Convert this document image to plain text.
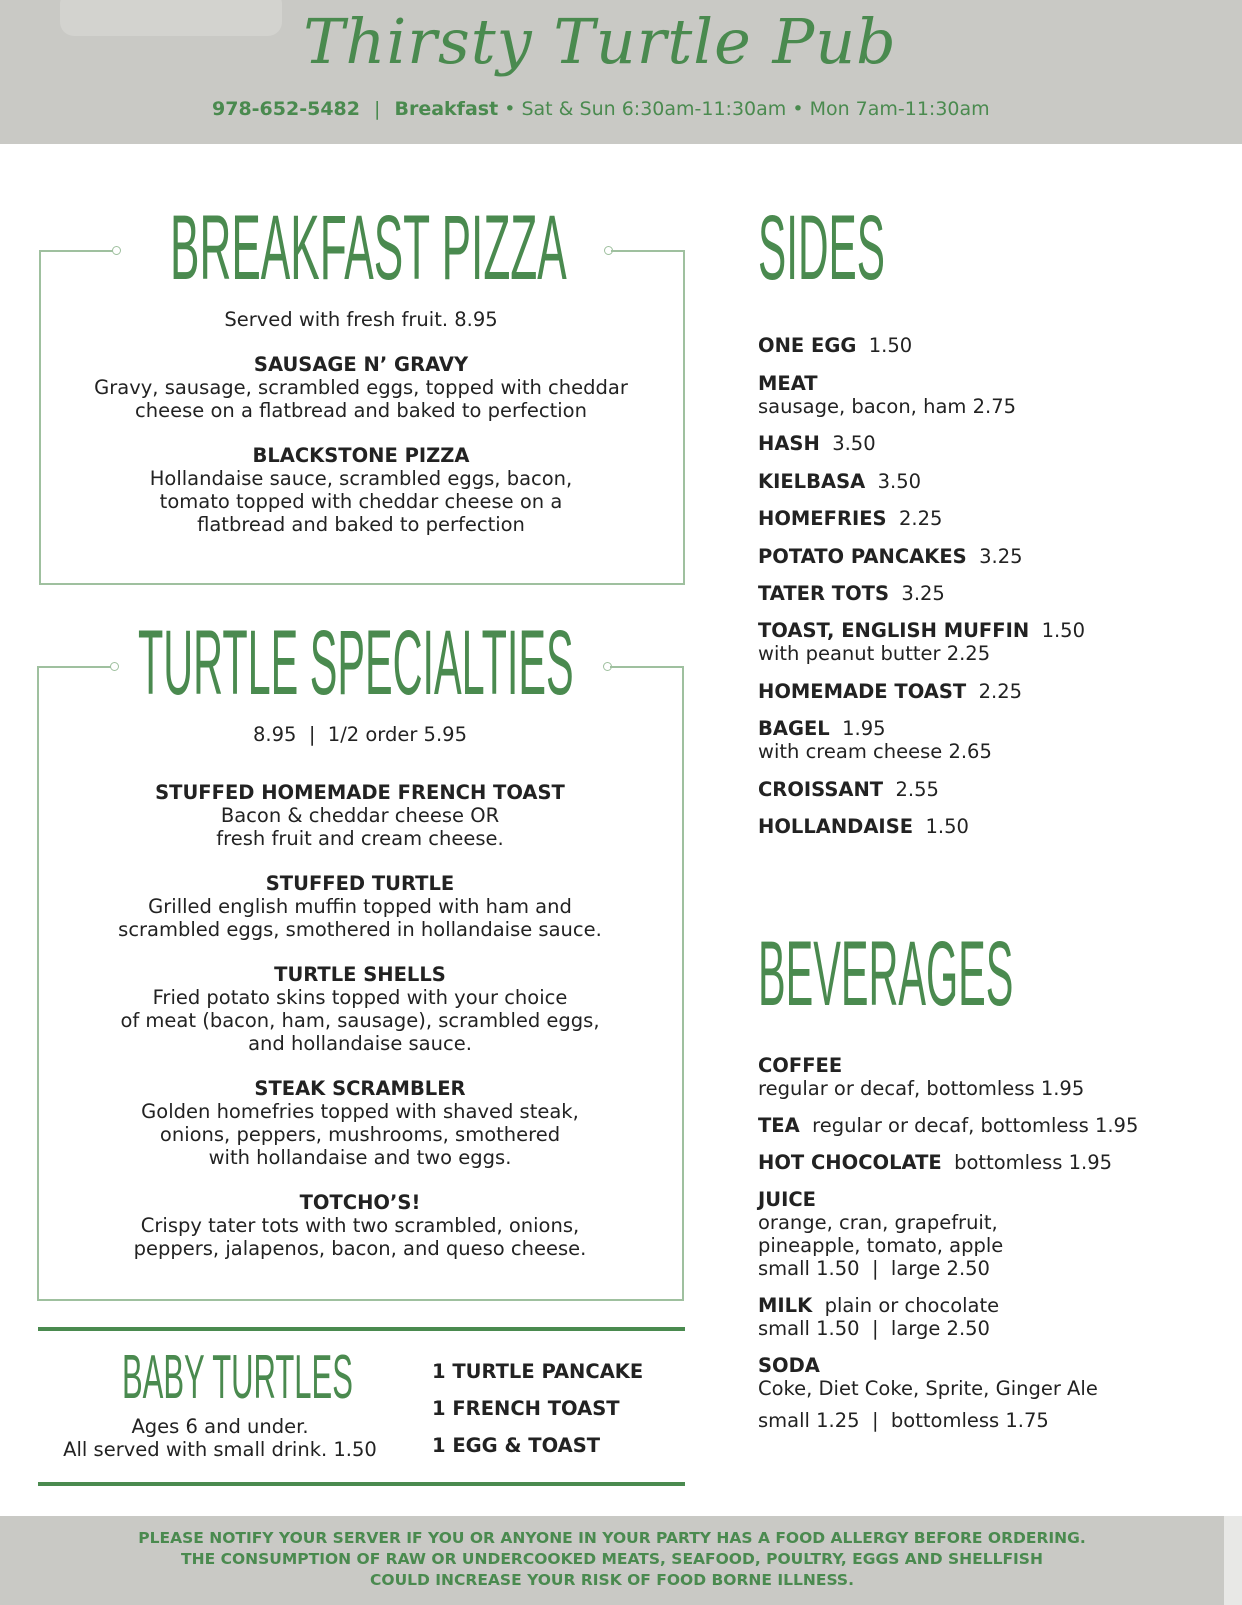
Thirsty Turtle Pub
978-652-5482 | Breakfast • Sat & Sun 6:30am-11:30am • Mon 7am-11:30am
BREAKFAST PIZZA
Served with fresh fruit. 8.95
SAUSAGE N’ GRAVY
Gravy, sausage, scrambled eggs, topped with cheddar
cheese on a flatbread and baked to perfection
BLACKSTONE PIZZA
Hollandaise sauce, scrambled eggs, bacon,
tomato topped with cheddar cheese on a
flatbread and baked to perfection
TURTLE SPECIALTIES
8.95  |  1/2 order 5.95
STUFFED HOMEMADE FRENCH TOAST
Bacon & cheddar cheese OR
fresh fruit and cream cheese.
STUFFED TURTLE
Grilled english muffin topped with ham and
scrambled eggs, smothered in hollandaise sauce.
TURTLE SHELLS
Fried potato skins topped with your choice
of meat (bacon, ham, sausage), scrambled eggs,
and hollandaise sauce.
STEAK SCRAMBLER
Golden homefries topped with shaved steak,
onions, peppers, mushrooms, smothered
with hollandaise and two eggs.
TOTCHO’S!
Crispy tater tots with two scrambled, onions,
peppers, jalapenos, bacon, and queso cheese.
BABY TURTLES
Ages 6 and under.
All served with small drink. 1.50
1 TURTLE PANCAKE
1 FRENCH TOAST
1 EGG & TOAST
SIDES
ONE EGG 1.50
MEAT
sausage, bacon, ham 2.75
HASH 3.50
KIELBASA 3.50
HOMEFRIES 2.25
POTATO PANCAKES 3.25
TATER TOTS 3.25
TOAST, ENGLISH MUFFIN 1.50
with peanut butter 2.25
HOMEMADE TOAST 2.25
BAGEL 1.95
with cream cheese 2.65
CROISSANT 2.55
HOLLANDAISE 1.50
BEVERAGES
COFFEE
regular or decaf, bottomless 1.95
TEA regular or decaf, bottomless 1.95
HOT CHOCOLATE bottomless 1.95
JUICE
orange, cran, grapefruit,
pineapple, tomato, apple
small 1.50  |  large 2.50
MILK plain or chocolate
small 1.50  |  large 2.50
SODA
Coke, Diet Coke, Sprite, Ginger Ale
small 1.25  |  bottomless 1.75
PLEASE NOTIFY YOUR SERVER IF YOU OR ANYONE IN YOUR PARTY HAS A FOOD ALLERGY BEFORE ORDERING.
THE CONSUMPTION OF RAW OR UNDERCOOKED MEATS, SEAFOOD, POULTRY, EGGS AND SHELLFISH
COULD INCREASE YOUR RISK OF FOOD BORNE ILLNESS.
